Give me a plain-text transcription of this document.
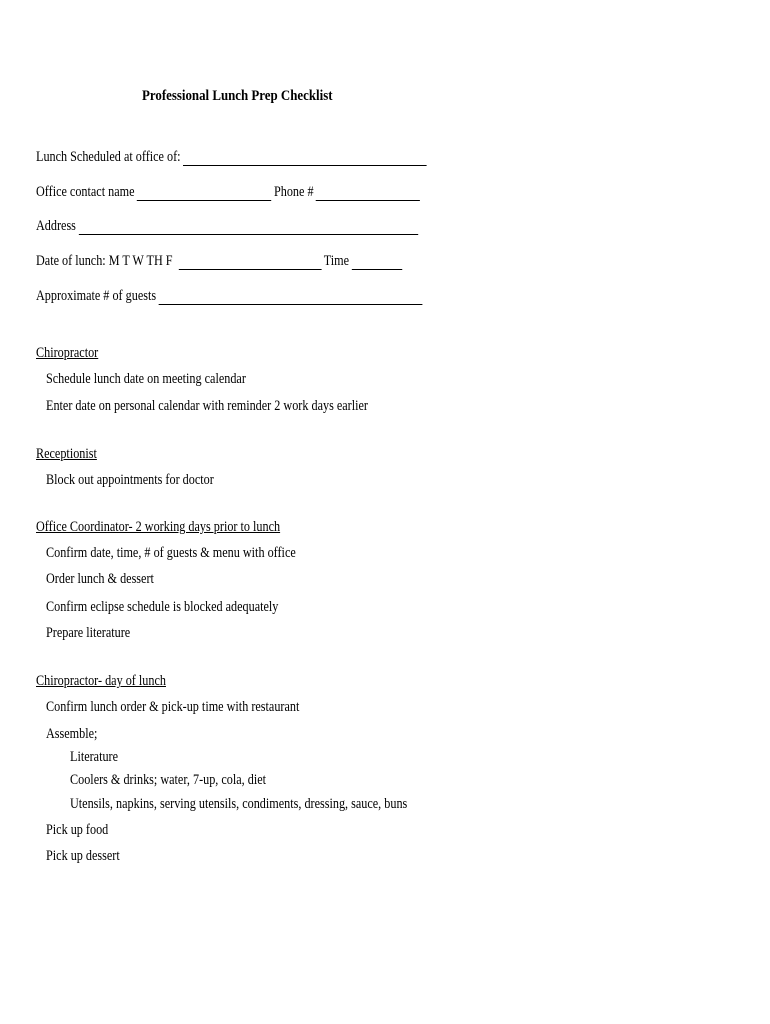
Professional Lunch Prep Checklist
Lunch Scheduled at office of:
Office contact name	Phone #
Address
Date of lunch: M T W TH F	Time
Approximate # of guests
Chiropractor
Schedule lunch date on meeting calendar
Enter date on personal calendar with reminder 2 work days earlier
Receptionist
Block out appointments for doctor
Office Coordinator- 2 working days prior to lunch
Confirm date, time, # of guests & menu with office
Order lunch & dessert
Confirm eclipse schedule is blocked adequately
Prepare literature
Chiropractor- day of lunch
Confirm lunch order & pick-up time with restaurant
Assemble;
Literature
Coolers & drinks; water, 7-up, cola, diet
Utensils, napkins, serving utensils, condiments, dressing, sauce, buns
Pick up food
Pick up dessert
